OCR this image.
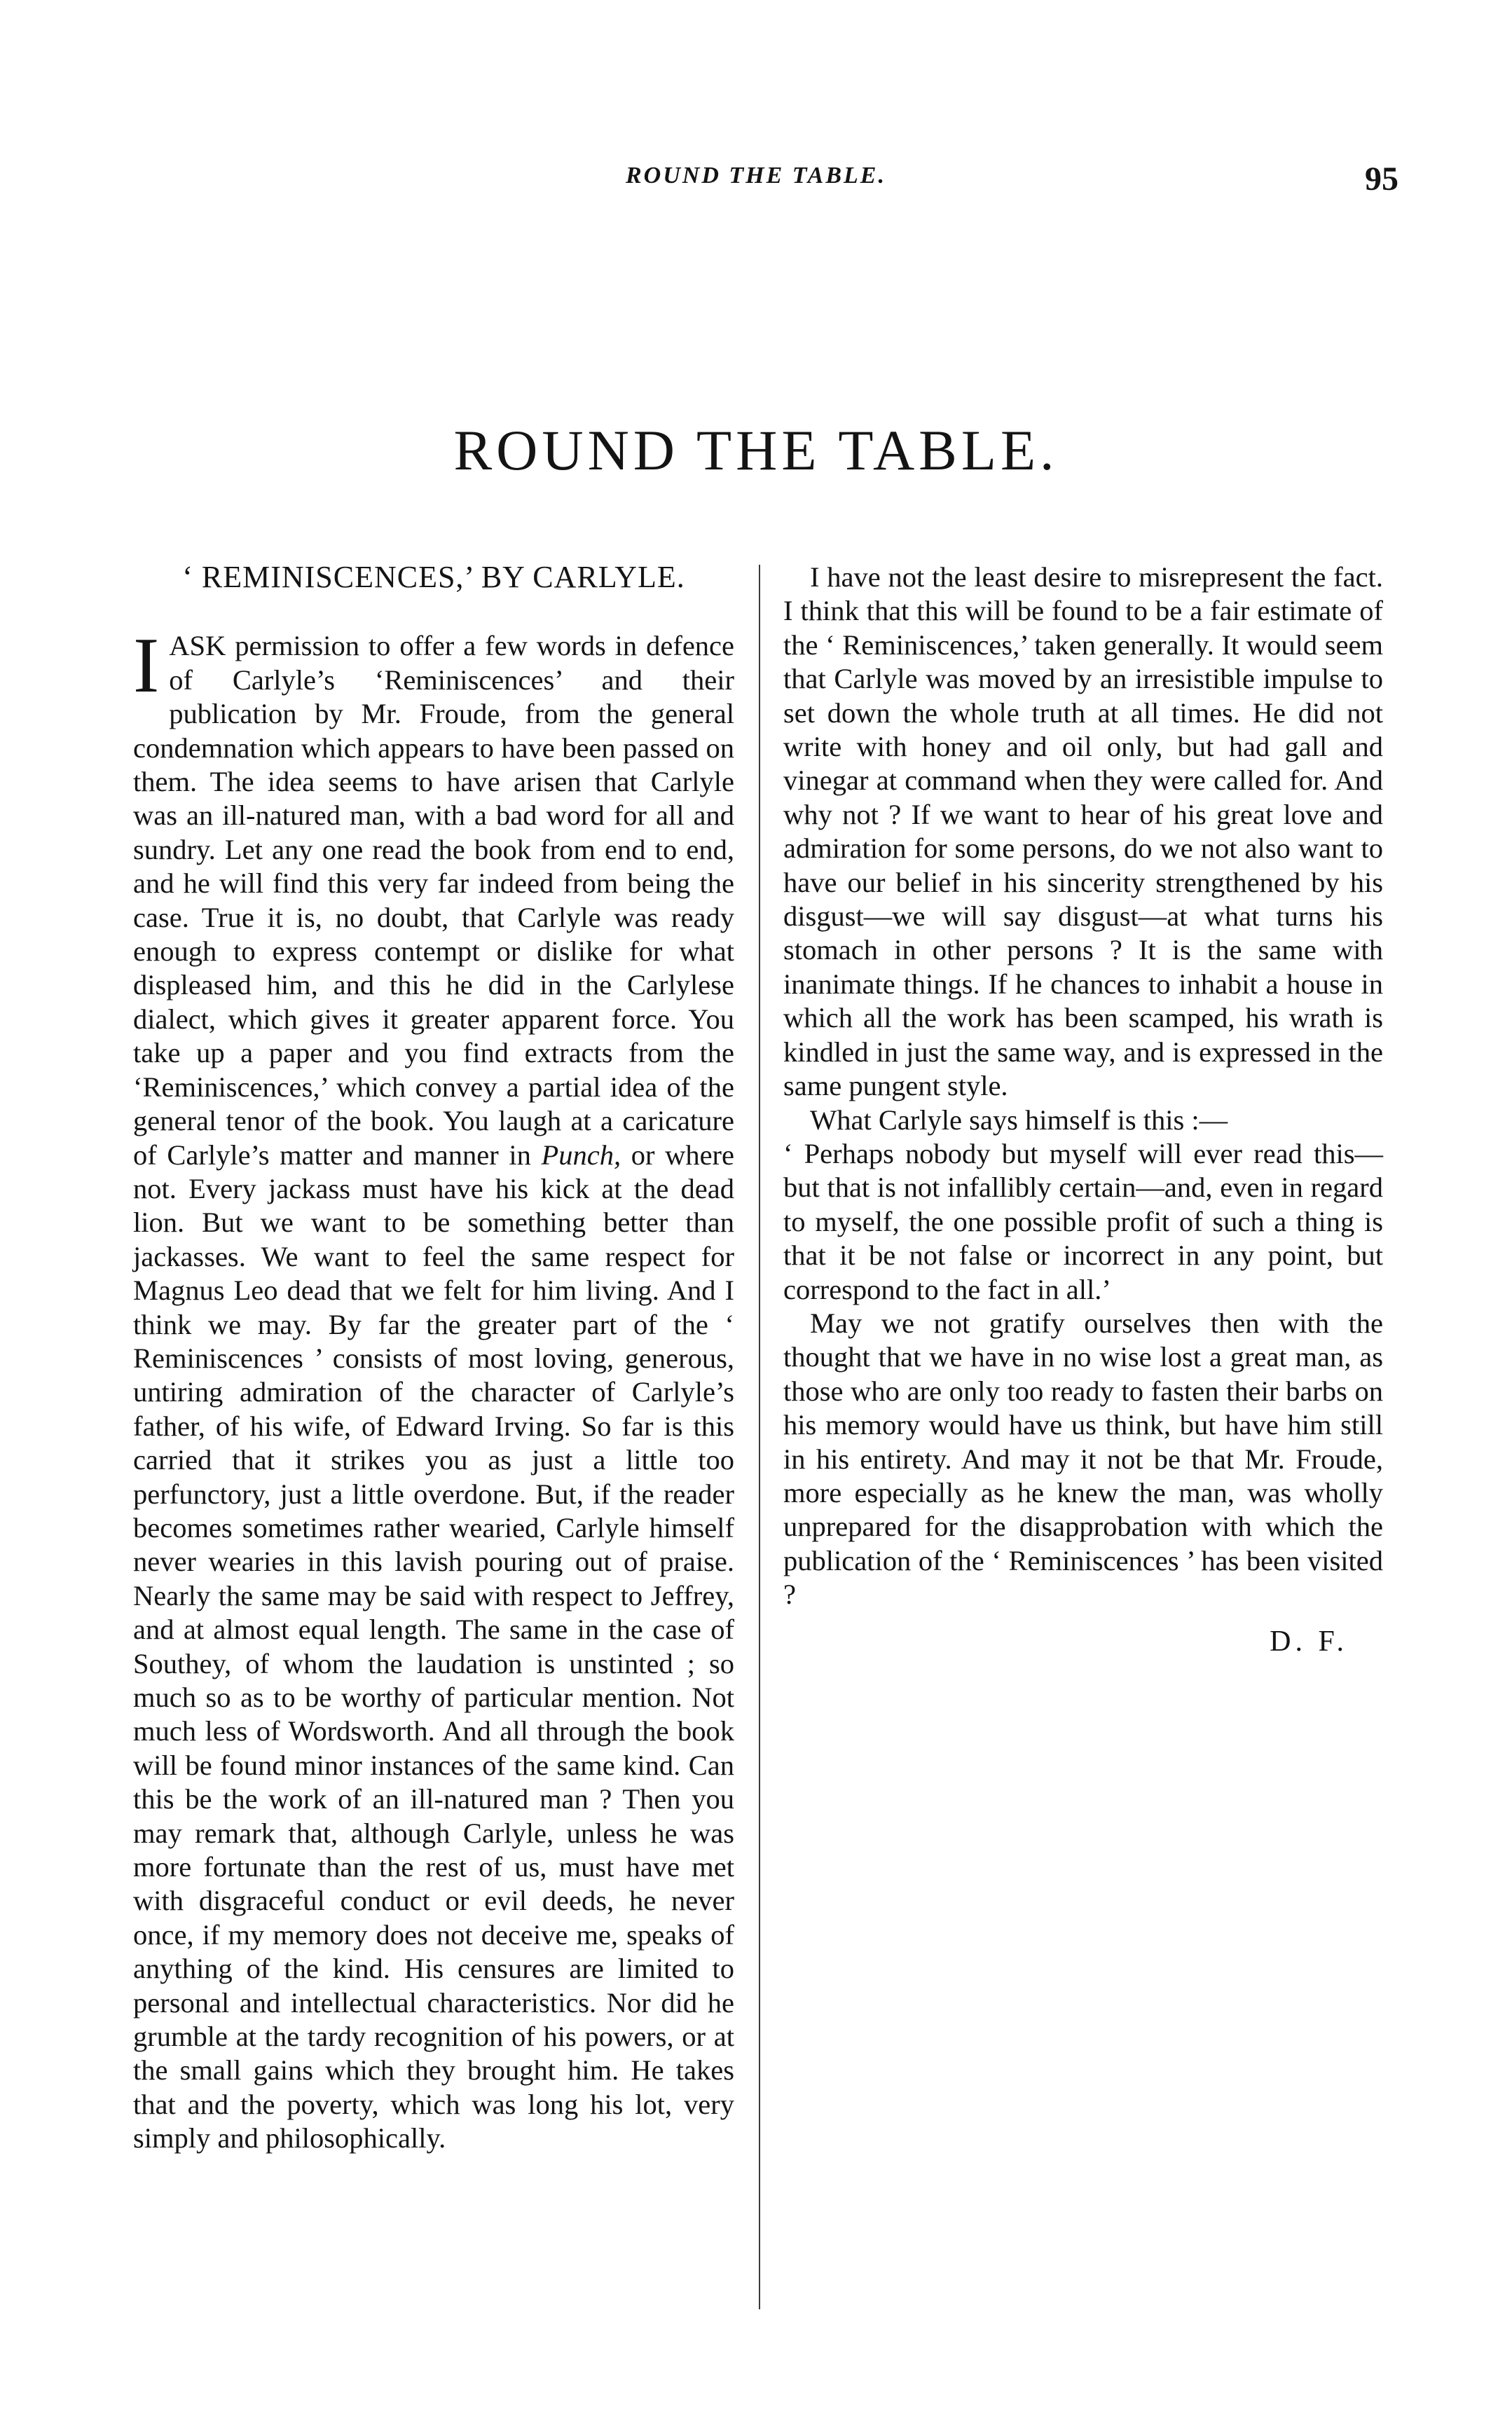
ROUND THE TABLE.	95
ROUND THE TABLE.
‘ REMINISCENCES,’ BY CARLYLE.

IASK permission to offer a few words in defence of Carlyle’s ‘Reminiscences’ and their publication by Mr. Froude, from the general condemnation which appears to have been passed on them. The idea seems to have arisen that Carlyle was an ill-natured man, with a bad word for all and sundry. Let any one read the book from end to end, and he will find this very far indeed from being the case. True it is, no doubt, that Carlyle was ready enough to express contempt or dislike for what displeased him, and this he did in the Carlylese dialect, which gives it greater apparent force. You take up a paper and you find extracts from the ‘Reminiscences,’ which convey a partial idea of the general tenor of the book. You laugh at a caricature of Carlyle’s matter and manner in Punch, or where not. Every jackass must have his kick at the dead lion. But we want to be something better than jackasses. We want to feel the same respect for Magnus Leo dead that we felt for him living. And I think we may. By far the greater part of the ‘ Reminiscences ’ consists of most loving, generous, untiring admiration of the character of Carlyle’s father, of his wife, of Edward Irving. So far is this carried that it strikes you as just a little too perfunctory, just a little overdone. But, if the reader becomes sometimes rather wearied, Carlyle himself never wearies in this lavish pouring out of praise. Nearly the same may be said with respect to Jeffrey, and at almost equal length. The same in the case of Southey, of whom the laudation is unstinted ; so much so as to be worthy of particular mention. Not much less of Wordsworth. And all through the book will be found minor instances of the same kind. Can this be the work of an ill-natured man ? Then you may remark that, although Carlyle, unless he was more fortunate than the rest of us, must have met with disgraceful conduct or evil deeds, he never once, if my memory does not deceive me, speaks of anything of the kind. His censures are limited to personal and intellectual characteristics. Nor did he grumble at the tardy recognition of his powers, or at the small gains which they brought him. He takes that and the poverty, which was long his lot, very simply and philosophically.

I have not the least desire to misrepresent the fact. I think that this will be found to be a fair estimate of the ‘ Reminiscences,’ taken generally. It would seem that Carlyle was moved by an irresistible impulse to set down the whole truth at all times. He did not write with honey and oil only, but had gall and vinegar at command when they were called for. And why not ? If we want to hear of his great love and admiration for some persons, do we not also want to have our belief in his sincerity strengthened by his disgust—we will say disgust—at what turns his stomach in other persons ? It is the same with inanimate things. If he chances to inhabit a house in which all the work has been scamped, his wrath is kindled in just the same way, and is expressed in the same pungent style.

What Carlyle says himself is this :—

‘ Perhaps nobody but myself will ever read this—but that is not infallibly certain—and, even in regard to myself, the one possible profit of such a thing is that it be not false or incorrect in any point, but correspond to the fact in all.’

May we not gratify ourselves then with the thought that we have in no wise lost a great man, as those who are only too ready to fasten their barbs on his memory would have us think, but have him still in his entirety. And may it not be that Mr. Froude, more especially as he knew the man, was wholly unprepared for the disapprobation with which the publication of the ‘ Reminiscences ’ has been visited ?

D. F.
